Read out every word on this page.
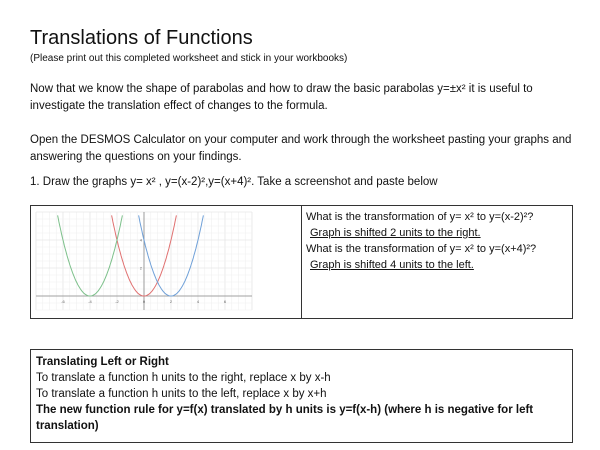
Translations of Functions
(Please print out this completed worksheet and stick in your workbooks)
Now that we know the shape of parabolas and how to draw the basic parabolas y=±x² it is useful to
investigate the translation effect of changes to the formula.
Open the DESMOS Calculator on your computer and work through the worksheet pasting your graphs and
answering the questions on your findings.
1. Draw the graphs y= x² , y=(x-2)²,y=(x+4)². Take a screenshot and paste below
-6	-4	-2	0	2	4	6
2
4
What is the transformation of y= x² to y=(x-2)²?
Graph is shifted 2 units to the right.
What is the transformation of y= x² to y=(x+4)²?
Graph is shifted 4 units to the left.
Translating Left or Right
To translate a function h units to the right, replace x by x-h
To translate a function h units to the left, replace x by x+h
The new function rule for y=f(x) translated by h units is y=f(x-h) (where h is negative for left
translation)
